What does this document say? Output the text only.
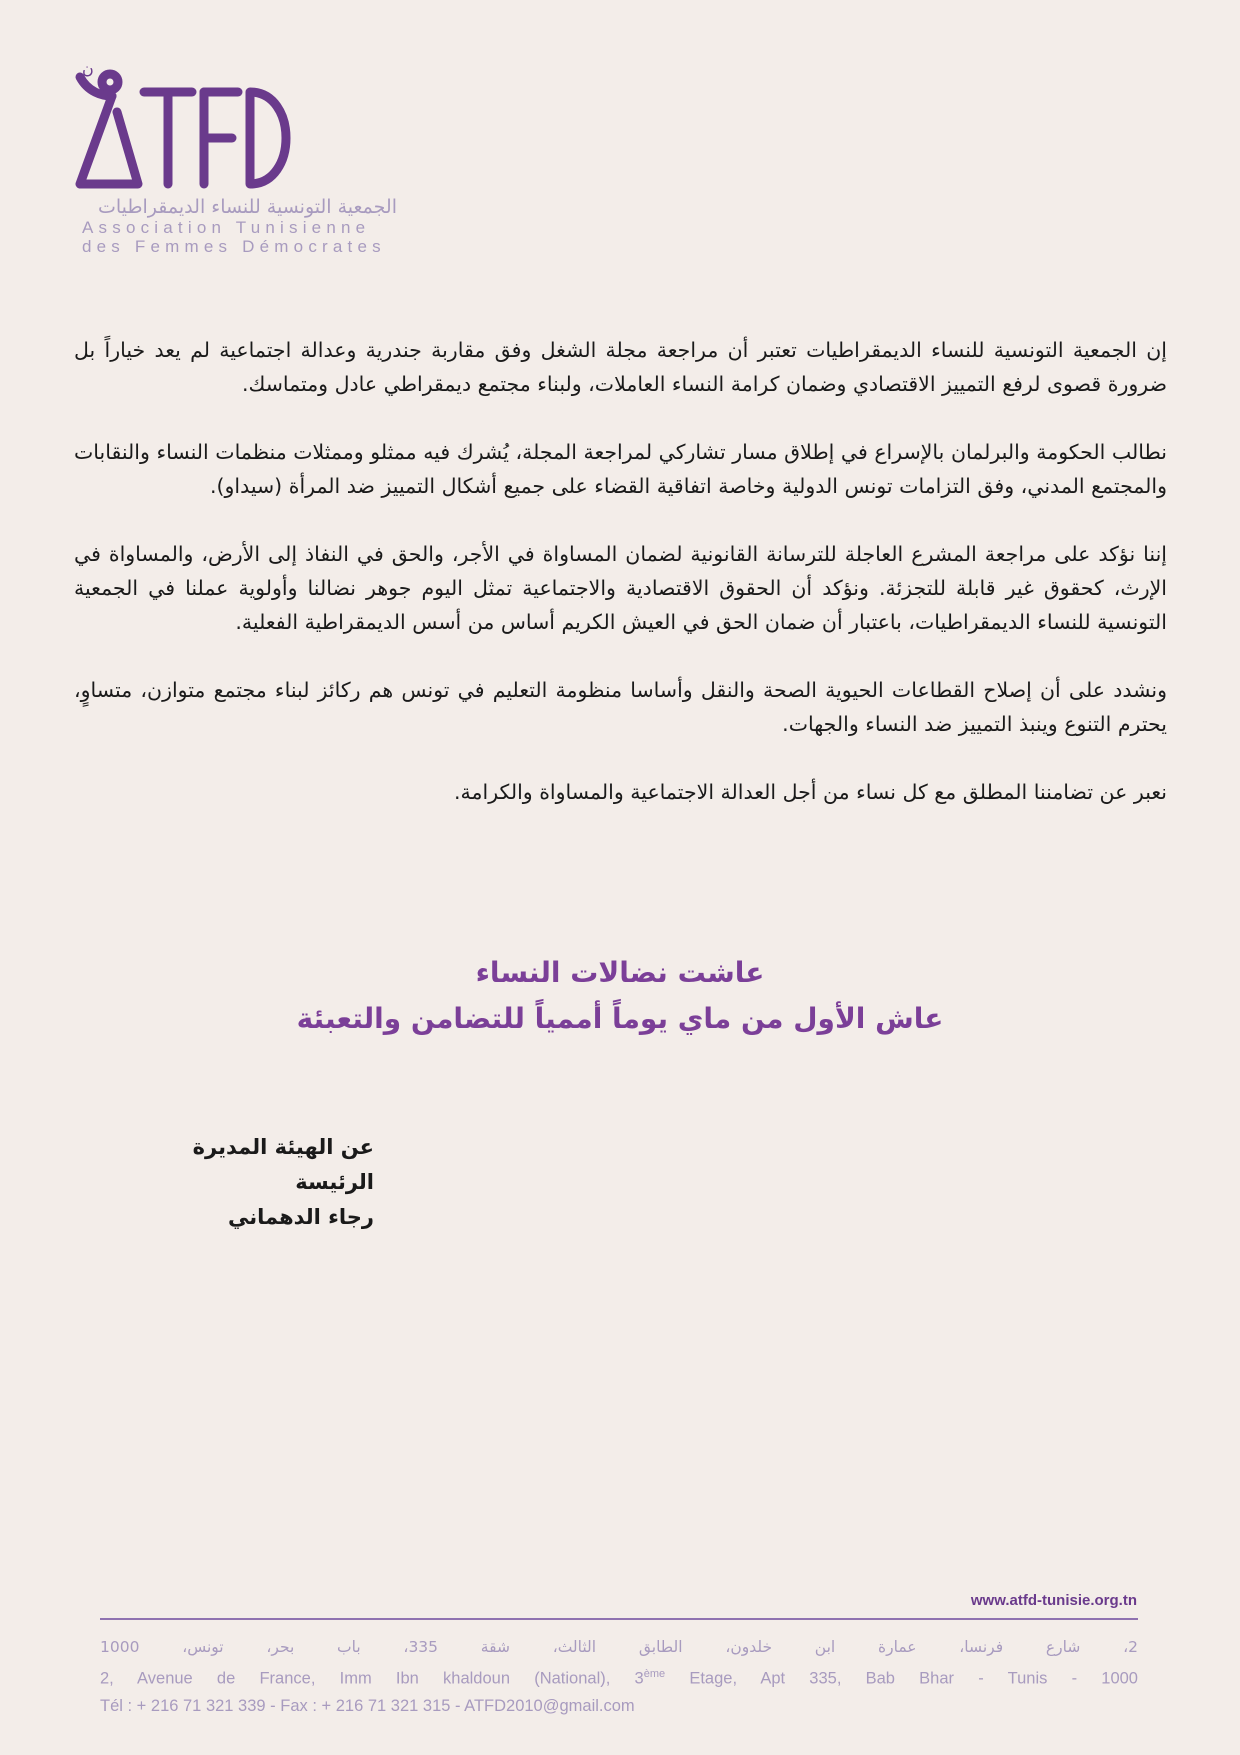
ن
الجمعية التونسية للنساء الديمقراطيات
Association Tunisienne
des Femmes Démocrates

إن الجمعية التونسية للنساء الديمقراطيات تعتبر أن مراجعة مجلة الشغل وفق مقاربة جندرية وعدالة اجتماعية لم يعد خياراً بل ضرورة قصوى لرفع التمييز الاقتصادي وضمان كرامة النساء العاملات، ولبناء مجتمع ديمقراطي عادل ومتماسك.

نطالب الحكومة والبرلمان بالإسراع في إطلاق مسار تشاركي لمراجعة المجلة، يُشرك فيه ممثلو وممثلات منظمات النساء والنقابات والمجتمع المدني، وفق التزامات تونس الدولية وخاصة اتفاقية القضاء على جميع أشكال التمييز ضد المرأة (سيداو).

إننا نؤكد على مراجعة المشرع العاجلة للترسانة القانونية لضمان المساواة في الأجر، والحق في النفاذ إلى الأرض، والمساواة في الإرث، كحقوق غير قابلة للتجزئة. ونؤكد أن الحقوق الاقتصادية والاجتماعية تمثل اليوم جوهر نضالنا وأولوية عملنا في الجمعية التونسية للنساء الديمقراطيات، باعتبار أن ضمان الحق في العيش الكريم أساس من أسس الديمقراطية الفعلية.

ونشدد على أن إصلاح القطاعات الحيوية الصحة والنقل وأساسا منظومة التعليم في تونس هم ركائز لبناء مجتمع متوازن، متساوٍ، يحترم التنوع وينبذ التمييز ضد النساء والجهات.

نعبر عن تضامننا المطلق مع كل نساء من أجل العدالة الاجتماعية والمساواة والكرامة.

عاشت نضالات النساء
عاش الأول من ماي يوماً أممياً للتضامن والتعبئة
عن الهيئة المديرة
الرئيسة
رجاء الدهماني
www.atfd-tunisie.org.tn
2، شارع فرنسا، عمارة ابن خلدون، الطابق الثالث، شقة 335، باب بحر، تونس، 1000
2, Avenue de France, Imm Ibn khaldoun (National), 3ème Etage, Apt 335, Bab Bhar - Tunis - 1000
Tél : + 216 71 321 339 - Fax : + 216 71 321 315 - ATFD2010@gmail.com
